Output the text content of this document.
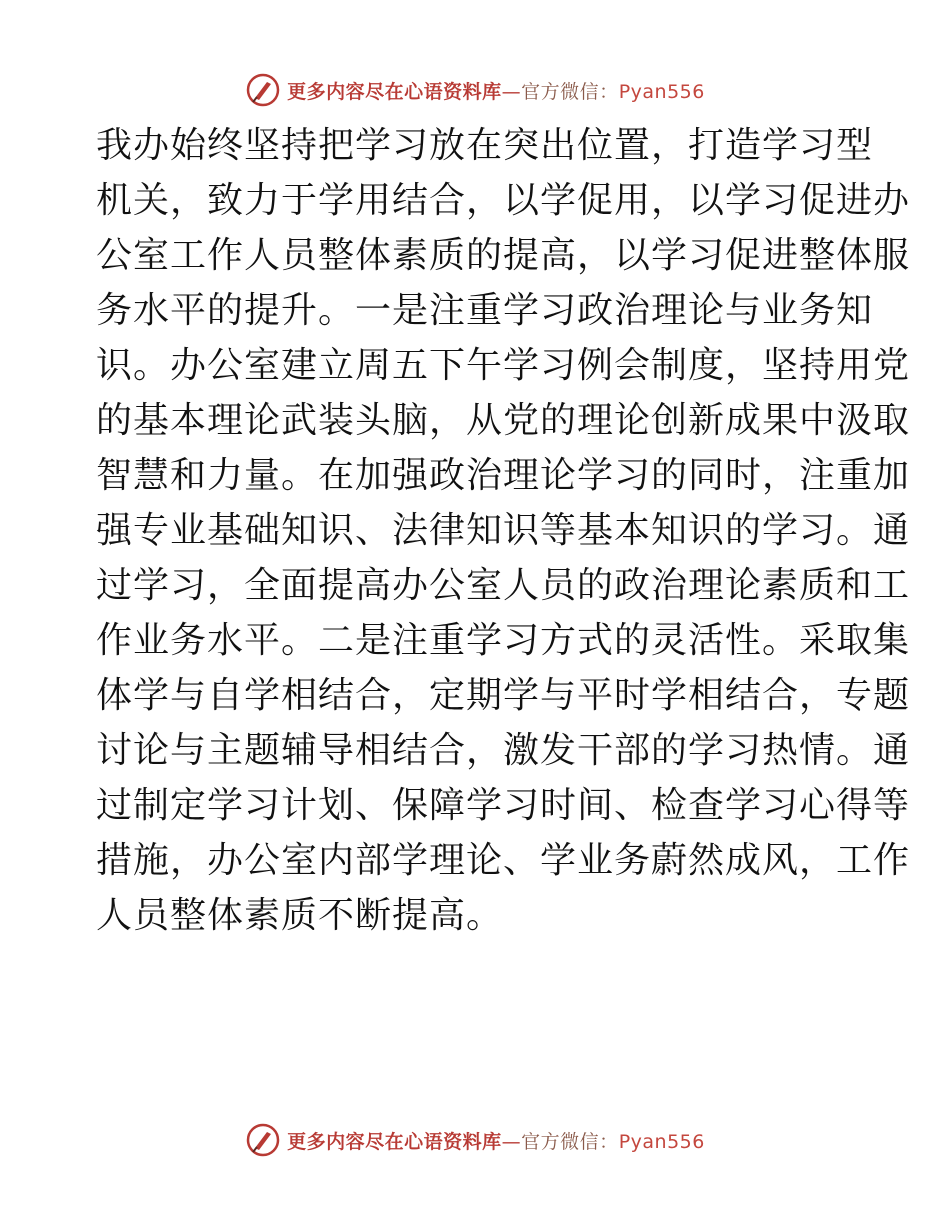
更多内容尽在心语资料库—官方微信：Pyan556
我办始终坚持把学习放在突出位置，打造学习型
机关，致力于学用结合，以学促用，以学习促进办
公室工作人员整体素质的提高，以学习促进整体服
务水平的提升。一是注重学习政治理论与业务知
识。办公室建立周五下午学习例会制度，坚持用党
的基本理论武装头脑，从党的理论创新成果中汲取
智慧和力量。在加强政治理论学习的同时，注重加
强专业基础知识、法律知识等基本知识的学习。通
过学习，全面提高办公室人员的政治理论素质和工
作业务水平。二是注重学习方式的灵活性。采取集
体学与自学相结合，定期学与平时学相结合，专题
讨论与主题辅导相结合，激发干部的学习热情。通
过制定学习计划、保障学习时间、检查学习心得等
措施，办公室内部学理论、学业务蔚然成风，工作
人员整体素质不断提高。
更多内容尽在心语资料库—官方微信：Pyan556
